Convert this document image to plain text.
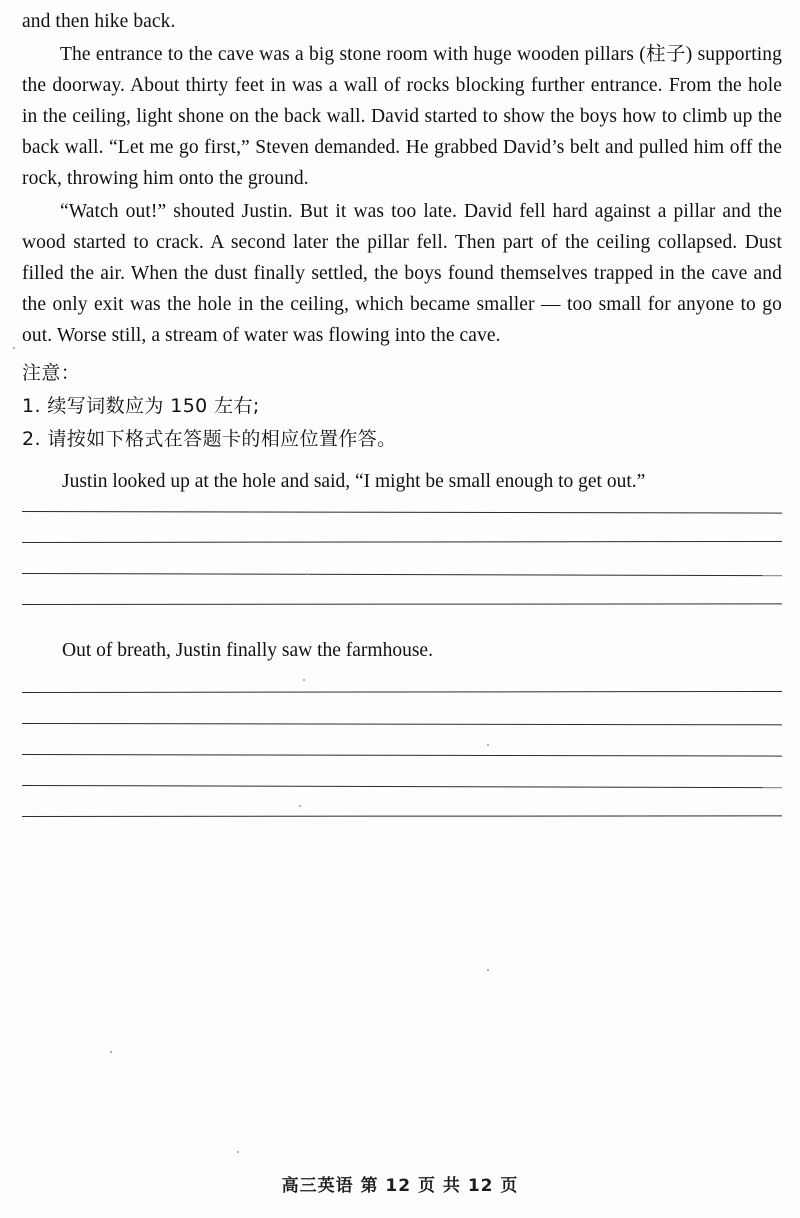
and then hike back.

The entrance to the cave was a big stone room with huge wooden pillars (柱子) supporting the doorway. About thirty feet in was a wall of rocks blocking further entrance. From the hole in the ceiling, light shone on the back wall. David started to show the boys how to climb up the back wall. “Let me go first,” Steven demanded. He grabbed David’s belt and pulled him off the rock, throwing him onto the ground.

“Watch out!” shouted Justin. But it was too late. David fell hard against a pillar and the wood started to crack. A second later the pillar fell. Then part of the ceiling collapsed. Dust filled the air. When the dust finally settled, the boys found themselves trapped in the cave and the only exit was the hole in the ceiling, which became smaller — too small for anyone to go out. Worse still, a stream of water was flowing into the cave.

注意：

1. 续写词数应为 150 左右;

2. 请按如下格式在答题卡的相应位置作答。

Justin looked up at the hole and said, “I might be small enough to get out.”

Out of breath, Justin finally saw the farmhouse.

高三英语 第 12 页 共 12 页
